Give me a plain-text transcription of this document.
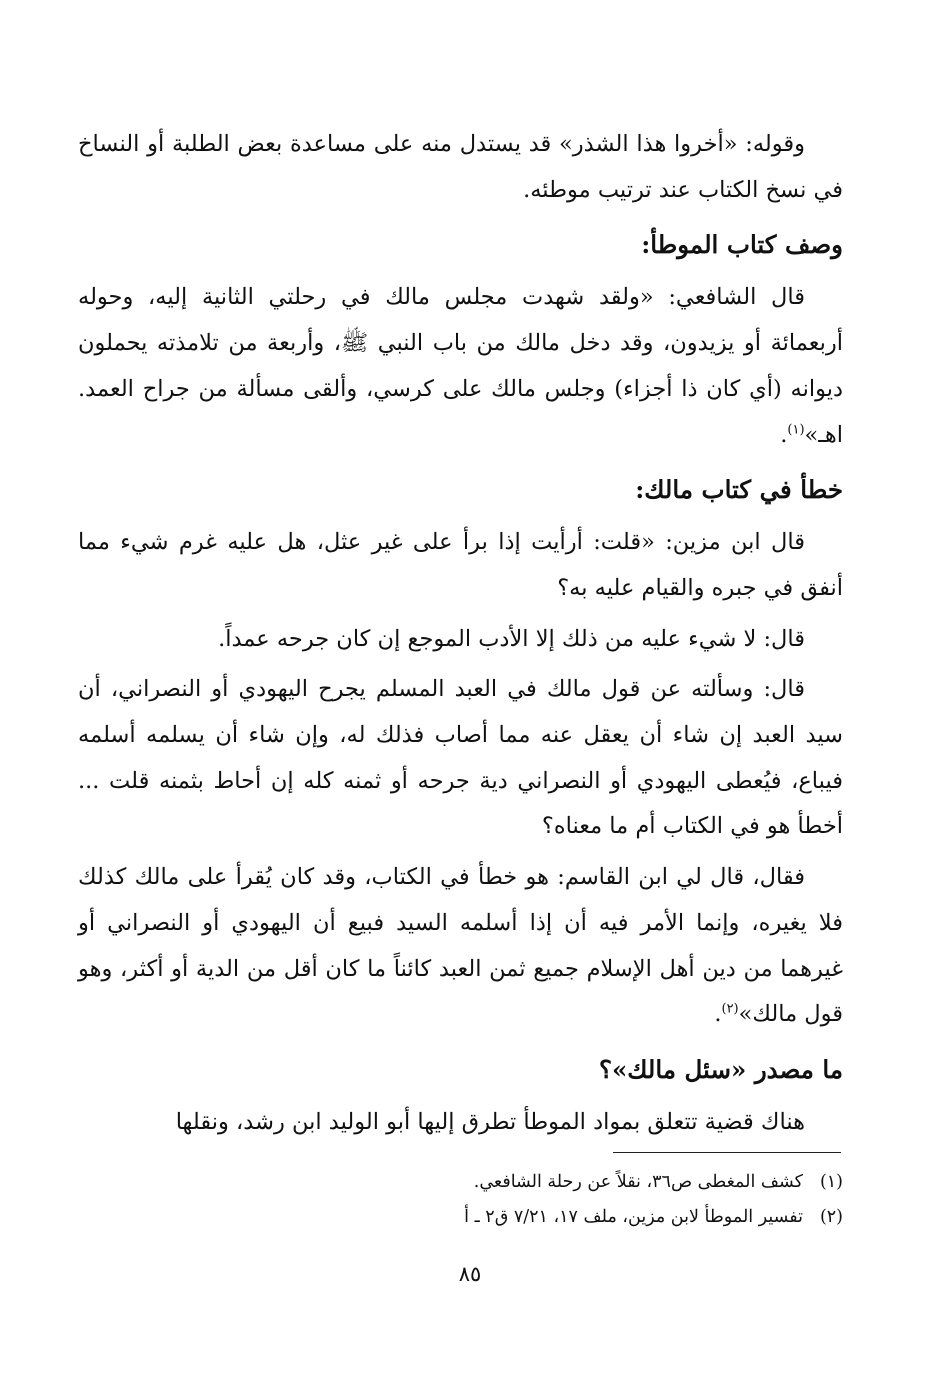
وقوله: «أخروا هذا الشذر» قد يستدل منه على مساعدة بعض الطلبة أو النساخ في نسخ الكتاب عند ترتيب موطئه.

وصف كتاب الموطأ:

قال الشافعي: «ولقد شهدت مجلس مالك في رحلتي الثانية إليه، وحوله أربعمائة أو يزيدون، وقد دخل مالك من باب النبي ﷺ، وأربعة من تلامذته يحملون ديوانه (أي كان ذا أجزاء) وجلس مالك على كرسي، وألقى مسألة من جراح العمد. اهـ»$^{(١)}$.

خطأ في كتاب مالك:

قال ابن مزين: «قلت: أرأيت إذا برأ على غير عثل، هل عليه غرم شيء مما أنفق في جبره والقيام عليه به؟

قال: لا شيء عليه من ذلك إلا الأدب الموجع إن كان جرحه عمداً.

قال: وسألته عن قول مالك في العبد المسلم يجرح اليهودي أو النصراني، أن سيد العبد إن شاء أن يعقل عنه مما أصاب فذلك له، وإن شاء أن يسلمه أسلمه فيباع، فيُعطى اليهودي أو النصراني دية جرحه أو ثمنه كله إن أحاط بثمنه قلت ... أخطأ هو في الكتاب أم ما معناه؟

فقال، قال لي ابن القاسم: هو خطأ في الكتاب، وقد كان يُقرأ على مالك كذلك فلا يغيره، وإنما الأمر فيه أن إذا أسلمه السيد فبيع أن اليهودي أو النصراني أو غيرهما من دين أهل الإسلام جميع ثمن العبد كائناً ما كان أقل من الدية أو أكثر، وهو قول مالك»$^{(٢)}$.

ما مصدر «سئل مالك»؟

هناك قضية تتعلق بمواد الموطأ تطرق إليها أبو الوليد ابن رشد، ونقلها

(١)
كشف المغطى ص٣٦، نقلاً عن رحلة الشافعي.
(٢)
تفسير الموطأ لابن مزين، ملف ١٧، ٧/٢١ ق٢ ـ أ
٨٥
